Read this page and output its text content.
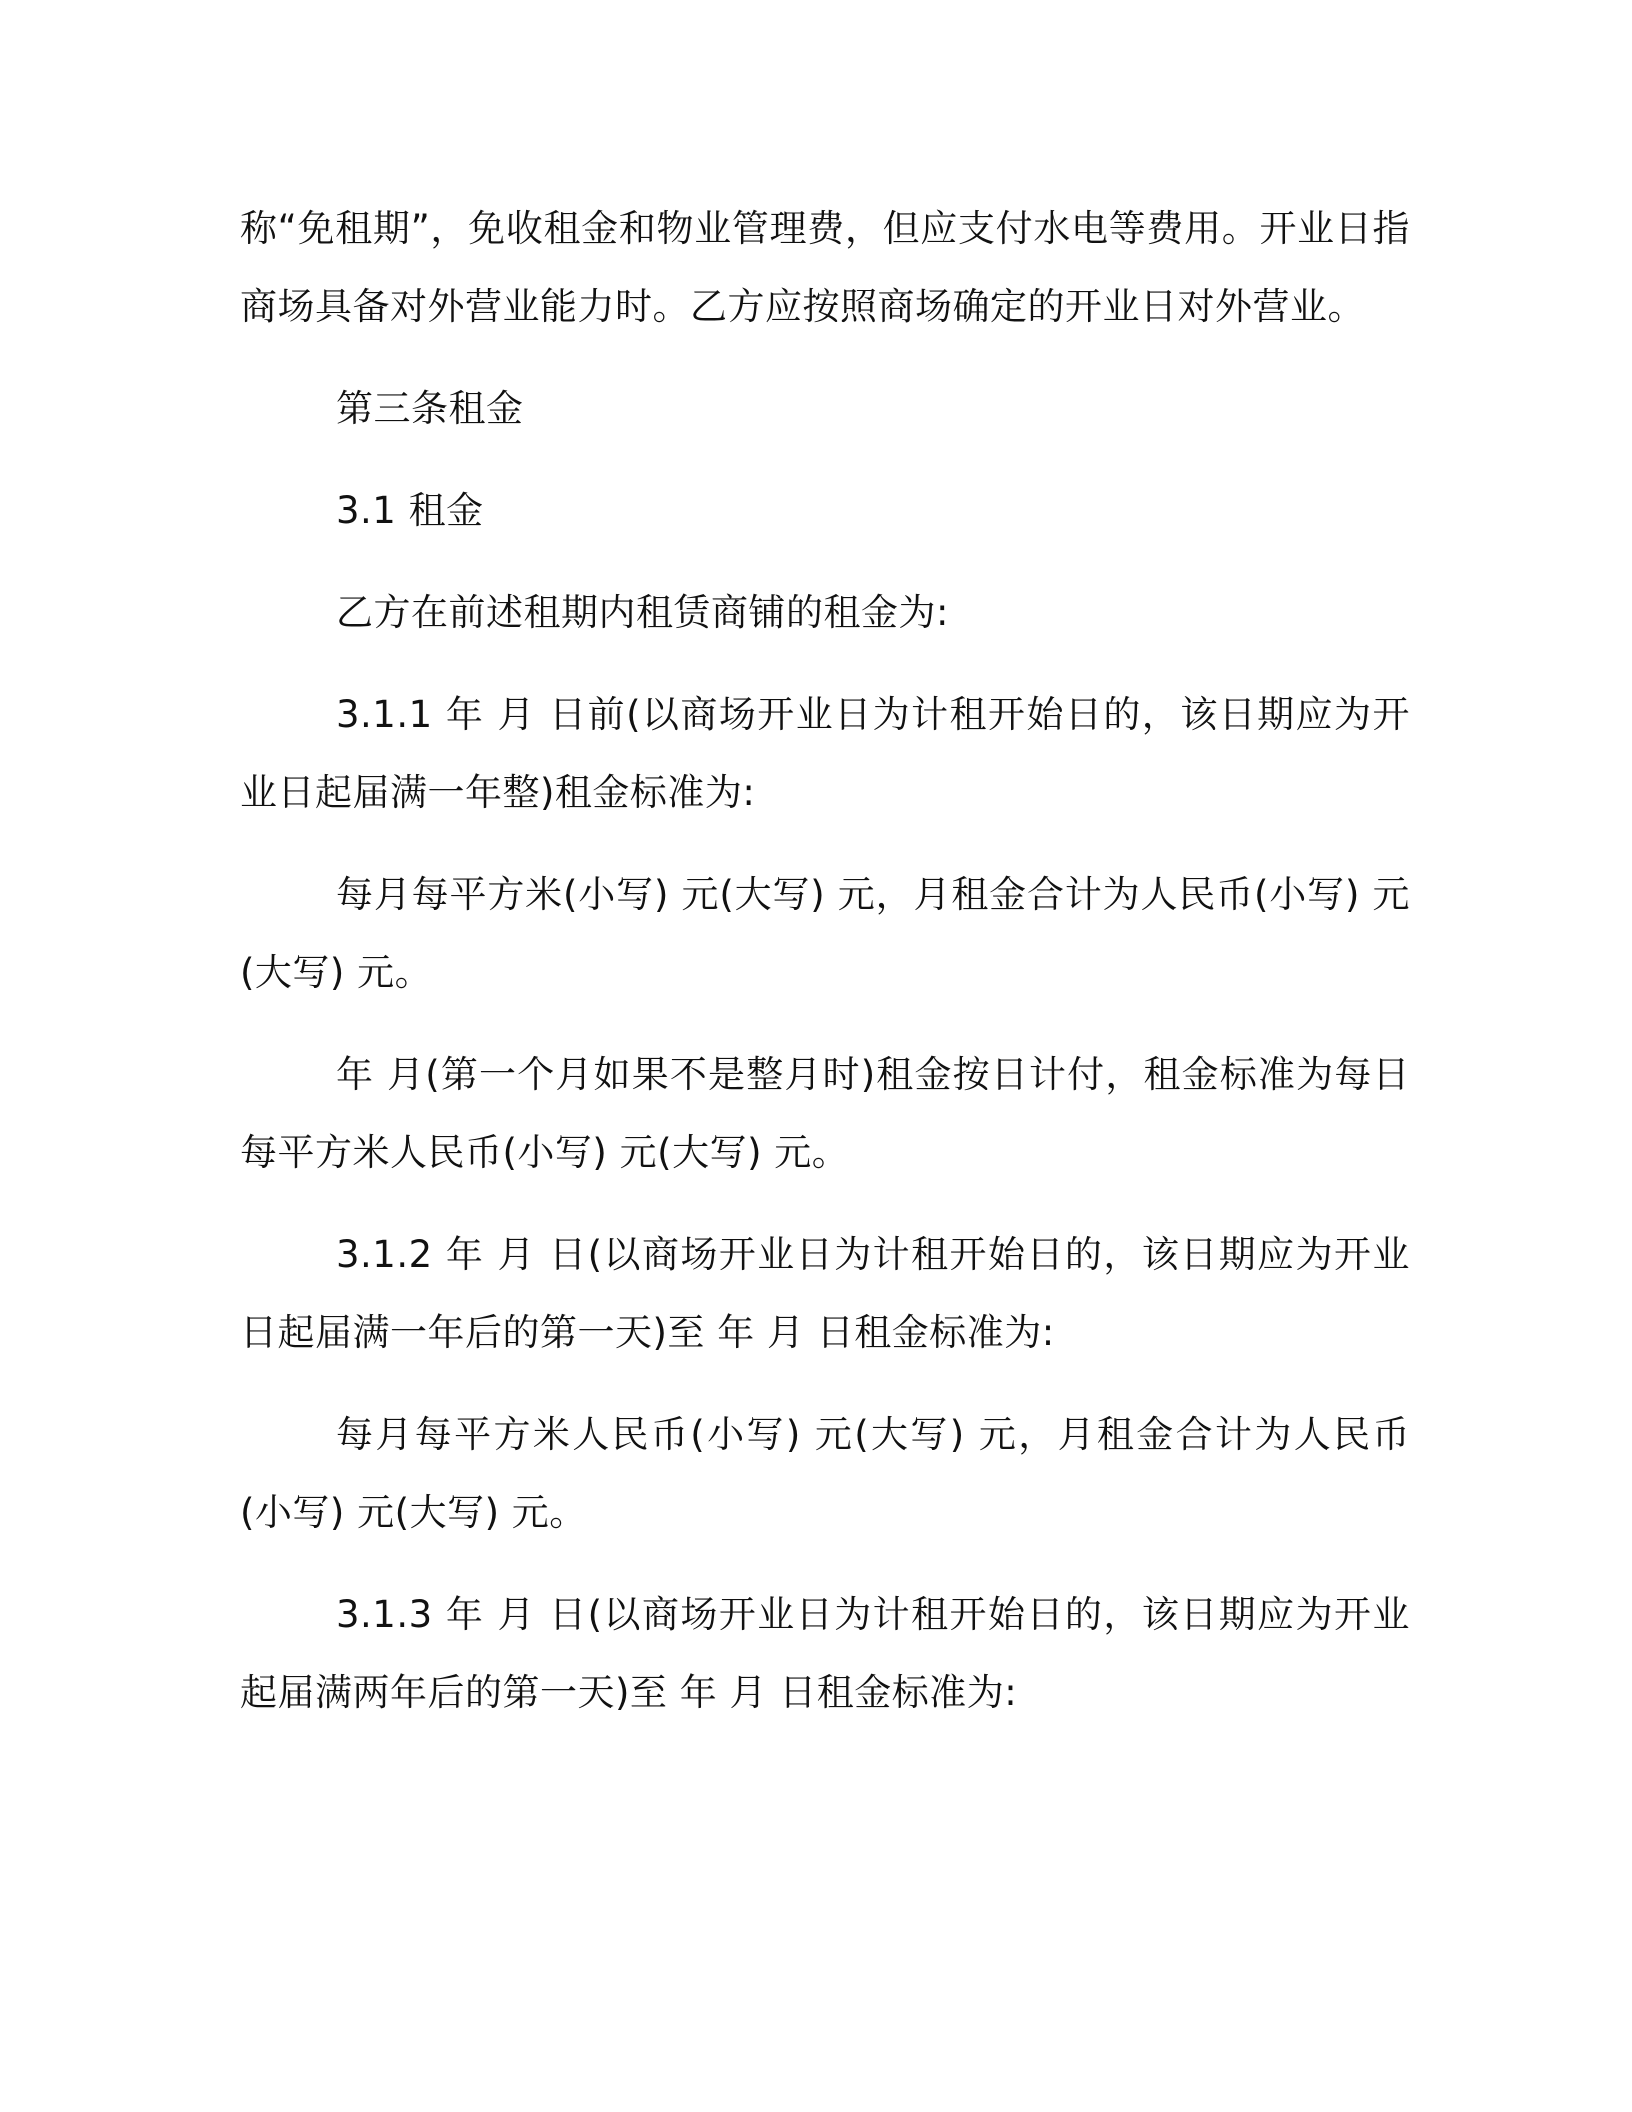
称“免租期”，免收租金和物业管理费，但应支付水电等费用。开业日指商场具备对外营业能力时。乙方应按照商场确定的开业日对外营业。

第三条租金

3.1 租金

乙方在前述租期内租赁商铺的租金为:

3.1.1 年 月 日前(以商场开业日为计租开始日的，该日期应为开业日起届满一年整)租金标准为:

每月每平方米(小写) 元(大写) 元，月租金合计为人民币(小写) 元(大写) 元。

年 月(第一个月如果不是整月时)租金按日计付，租金标准为每日每平方米人民币(小写) 元(大写) 元。

3.1.2 年 月 日(以商场开业日为计租开始日的，该日期应为开业日起届满一年后的第一天)至 年 月 日租金标准为:

每月每平方米人民币(小写) 元(大写) 元，月租金合计为人民币(小写) 元(大写) 元。

3.1.3 年 月 日(以商场开业日为计租开始日的，该日期应为开业起届满两年后的第一天)至 年 月 日租金标准为:
